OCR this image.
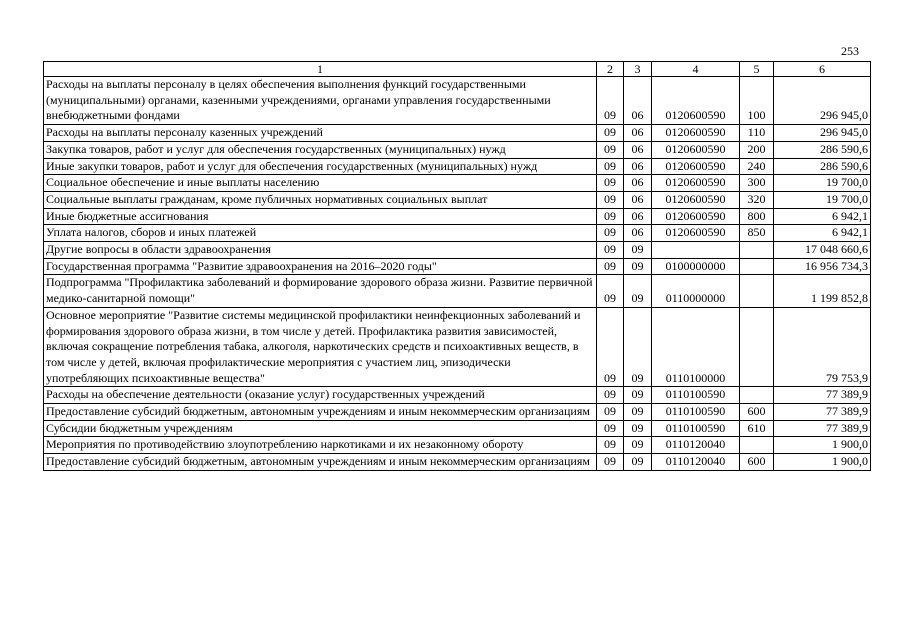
253
1	2	3	4	5	6
Расходы на выплаты персоналу в целях обеспечения выполнения функций государственными (муниципальными) органами, казенными учреждениями, органами управления государственными внебюджетными фондами	09	06	0120600590	100	296 945,0
Расходы на выплаты персоналу казенных учреждений	09	06	0120600590	110	296 945,0
Закупка товаров, работ и услуг для обеспечения государственных (муниципальных) нужд	09	06	0120600590	200	286 590,6
Иные закупки товаров, работ и услуг для обеспечения государственных (муниципальных) нужд	09	06	0120600590	240	286 590,6
Социальное обеспечение и иные выплаты населению	09	06	0120600590	300	19 700,0
Социальные выплаты гражданам, кроме публичных нормативных социальных выплат	09	06	0120600590	320	19 700,0
Иные бюджетные ассигнования	09	06	0120600590	800	6 942,1
Уплата налогов, сборов и иных платежей	09	06	0120600590	850	6 942,1
Другие вопросы в области здравоохранения	09	09			17 048 660,6
Государственная программа "Развитие здравоохранения на 2016–2020 годы"	09	09	0100000000		16 956 734,3
Подпрограмма "Профилактика заболеваний и формирование здорового образа жизни. Развитие первичной медико-санитарной помощи"	09	09	0110000000		1 199 852,8
Основное мероприятие "Развитие системы медицинской профилактики неинфекционных заболеваний и формирования здорового образа жизни, в том числе у детей. Профилактика развития зависимостей, включая сокращение потребления табака, алкоголя, наркотических средств и психоактивных веществ, в том числе у детей, включая профилактические мероприятия с участием лиц, эпизодически употребляющих психоактивные вещества"	09	09	0110100000		79 753,9
Расходы на обеспечение деятельности (оказание услуг) государственных учреждений	09	09	0110100590		77 389,9
Предоставление субсидий бюджетным, автономным учреждениям и иным некоммерческим организациям	09	09	0110100590	600	77 389,9
Субсидии бюджетным учреждениям	09	09	0110100590	610	77 389,9
Мероприятия по противодействию злоупотреблению наркотиками и их незаконному обороту	09	09	0110120040		1 900,0
Предоставление субсидий бюджетным, автономным учреждениям и иным некоммерческим организациям	09	09	0110120040	600	1 900,0
